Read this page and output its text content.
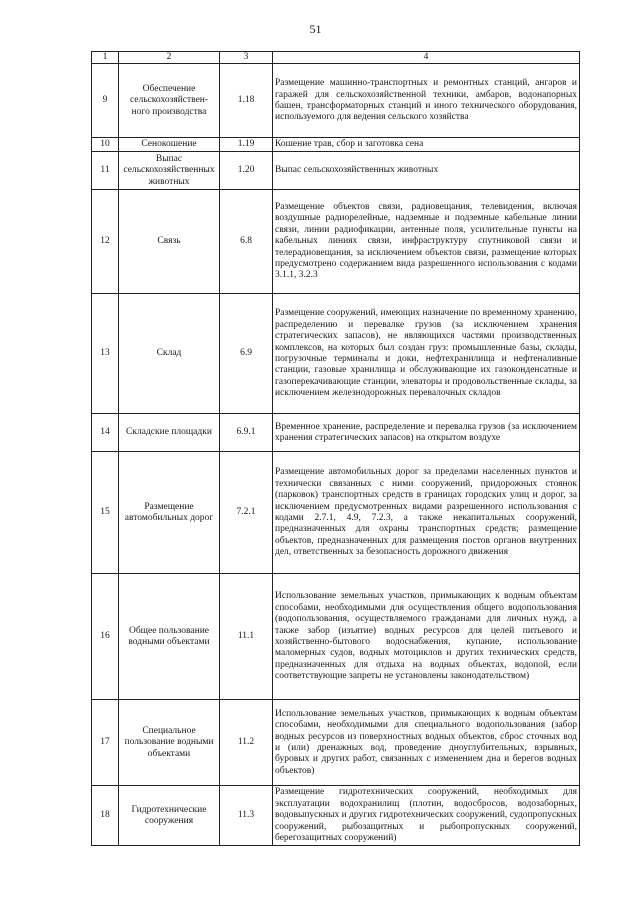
51
1	2	3	4
9	Обеспечение сельскохозяйствен-ного производства	1.18	Размещение машинно-транспортных и ремонтных станций, ангаров и гаражей для сельскохозяйственной техники, амбаров, водонапорных башен, трансформаторных станций и иного технического оборудования, используемого для ведения сельского хозяйства
10	Сенокошение	1.19	Кошение трав, сбор и заготовка сена
11	Выпас сельскохозяйственных животных	1.20	Выпас сельскохозяйственных животных
12	Связь	6.8	Размещение объектов связи, радиовещания, телевидения, включая воздушные радиорелейные, надземные и подземные кабельные линии связи, линии радиофикации, антенные поля, усилительные пункты на кабельных линиях связи, инфраструктуру спутниковой связи и телерадиовещания, за исключением объектов связи, размещение которых предусмотрено содержанием вида разрешенного использования с кодами 3.1.1, 3.2.3
13	Склад	6.9	Размещение сооружений, имеющих назначение по временному хранению, распределению и перевалке грузов (за исключением хранения стратегических запасов), не являющихся частями производственных комплексов, на которых был создан груз: промышленные базы, склады, погрузочные терминалы и доки, нефтехранилища и нефтеналивные станции, газовые хранилища и обслуживающие их газоконденсатные и газоперекачивающие станции, элеваторы и продовольственные склады, за исключением железнодорожных перевалочных складов
14	Складские площадки	6.9.1	Временное хранение, распределение и перевалка грузов (за исключением хранения стратегических запасов) на открытом воздухе
15	Размещение автомобильных дорог	7.2.1	Размещение автомобильных дорог за пределами населенных пунктов и технически связанных с ними сооружений, придорожных стоянок (парковок) транспортных средств в границах городских улиц и дорог, за исключением предусмотренных видами разрешенного использования с кодами 2.7.1, 4.9, 7.2.3, а также некапитальных сооружений, предназначенных для охраны транспортных средств; размещение объектов, предназначенных для размещения постов органов внутренних дел, ответственных за безопасность дорожного движения
16	Общее пользование водными объектами	11.1	Использование земельных участков, примыкающих к водным объектам способами, необходимыми для осуществления общего водопользования (водопользования, осуществляемого гражданами для личных нужд, а также забор (изъятие) водных ресурсов для целей питьевого и хозяйственно-бытового водоснабжения, купание, использование маломерных судов, водных мотоциклов и других технических средств, предназначенных для отдыха на водных объектах, водопой, если соответствующие запреты не установлены законодательством)
17	Специальное пользование водными объектами	11.2	Использование земельных участков, примыкающих к водным объектам способами, необходимыми для специального водопользования (забор водных ресурсов из поверхностных водных объектов, сброс сточных вод и (или) дренажных вод, проведение дноуглубительных, взрывных, буровых и других работ, связанных с изменением дна и берегов водных объектов)
18	Гидротехнические сооружения	11.3	Размещение гидротехнических сооружений, необходимых для эксплуатации водохранилищ (плотин, водосбросов, водозаборных, водовыпускных и других гидротехнических сооружений, судопропускных сооружений, рыбозащитных и рыбопропускных сооружений, берегозащитных сооружений)
